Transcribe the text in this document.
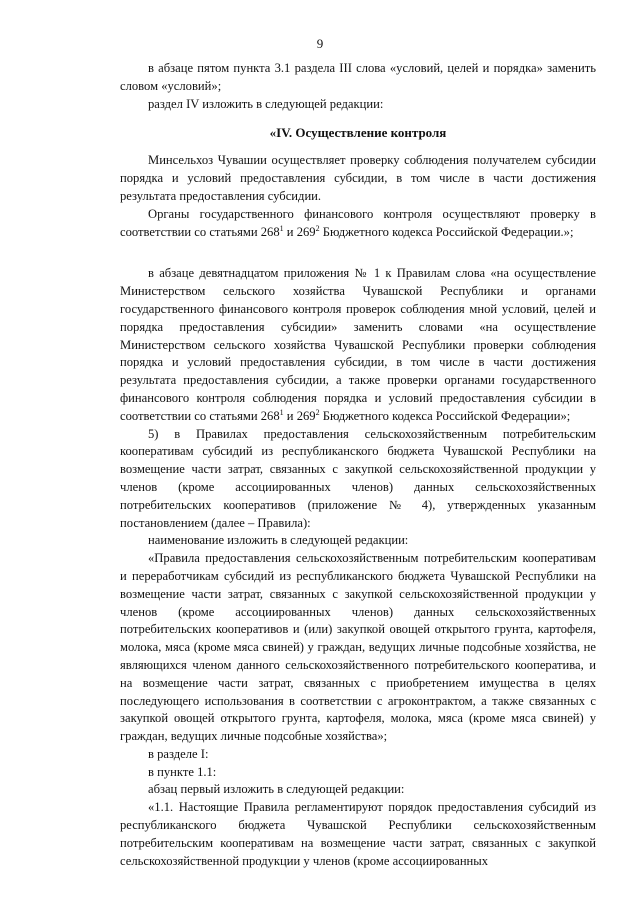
9

в абзаце пятом пункта 3.1 раздела III слова «условий, целей и порядка» заменить словом «условий»;

раздел IV изложить в следующей редакции:

«IV. Осуществление контроля

Минсельхоз Чувашии осуществляет проверку соблюдения получателем субсидии порядка и условий предоставления субсидии, в том числе в части достижения результата предоставления субсидии.

Органы государственного финансового контроля осуществляют проверку в соответствии со статьями $268^1$ и $269^2$ Бюджетного кодекса Российской Федерации.»;

в абзаце девятнадцатом приложения № 1 к Правилам слова «на осуществление Министерством сельского хозяйства Чувашской Республики и органами государственного финансового контроля проверок соблюдения мной условий, целей и порядка предоставления субсидии» заменить словами «на осуществление Министерством сельского хозяйства Чувашской Республики проверки соблюдения порядка и условий предоставления субсидии, в том числе в части достижения результата предоставления субсидии, а также проверки органами государственного финансового контроля соблюдения порядка и условий предоставления субсидии в соответствии со статьями $268^1$ и $269^2$ Бюджетного кодекса Российской Федерации»;

5) в Правилах предоставления сельскохозяйственным потребительским кооперативам субсидий из республиканского бюджета Чувашской Республики на возмещение части затрат, связанных с закупкой сельскохозяйственной продукции у членов (кроме ассоциированных членов) данных сельскохозяйственных потребительских кооперативов (приложение № 4), утвержденных указанным постановлением (далее – Правила):

наименование изложить в следующей редакции:

«Правила предоставления сельскохозяйственным потребительским кооперативам и переработчикам субсидий из республиканского бюджета Чувашской Республики на возмещение части затрат, связанных с закупкой сельскохозяйственной продукции у членов (кроме ассоциированных членов) данных сельскохозяйственных потребительских кооперативов и (или) закупкой овощей открытого грунта, картофеля, молока, мяса (кроме мяса свиней) у граждан, ведущих личные подсобные хозяйства, не являющихся членом данного сельскохозяйственного потребительского кооператива, и на возмещение части затрат, связанных с приобретением имущества в целях последующего использования в соответствии с агроконтрактом, а также связанных с закупкой овощей открытого грунта, картофеля, молока, мяса (кроме мяса свиней) у граждан, ведущих личные подсобные хозяйства»;

в разделе I:

в пункте 1.1:

абзац первый изложить в следующей редакции:

«1.1. Настоящие Правила регламентируют порядок предоставления субсидий из республиканского бюджета Чувашской Республики сельскохозяйственным потребительским кооперативам на возмещение части затрат, связанных с закупкой сельскохозяйственной продукции у членов (кроме ассоциированных
